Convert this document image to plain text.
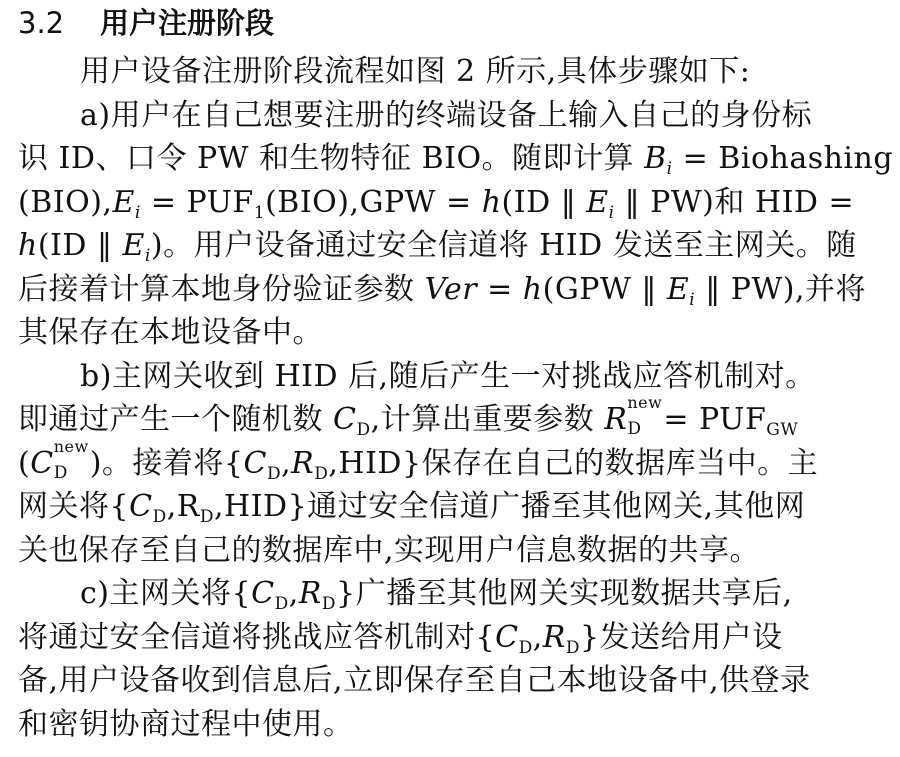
3.2 用户注册阶段
用户设备注册阶段流程如图 2 所示,具体步骤如下:
a)用户在自己想要注册的终端设备上输入自己的身份标
识 ID、口令 PW 和生物特征 BIO。随即计算 $B_i$ = Biohashing
$(BIO),E_i = PUF_1(BIO),GPW = h(ID$ ‖ $E_i$ ‖ PW)和 HID =
h(ID ‖ $E_i$)。用户设备通过安全信道将 HID 发送至主网关。随
后接着计算本地身份验证参数 Ver = h(GPW ‖ $E_i$ ‖ PW),并将
其保存在本地设备中。
b)主网关收到 HID 后,随后产生一对挑战应答机制对。
即通过产生一个随机数 $C_D$,计算出重要参数 R new
$D = PUF_{GW}$
(C new
D )。接着将$\{C_D,R_D,HID\}$保存在自己的数据库当中。主
网关将$\{C_D,R_D,HID\}$通过安全信道广播至其他网关,其他网
关也保存至自己的数据库中,实现用户信息数据的共享。
c)主网关将$\{C_D,R_D\}$广播至其他网关实现数据共享后,
将通过安全信道将挑战应答机制对$\{C_D,R_D\}$发送给用户设
备,用户设备收到信息后,立即保存至自己本地设备中,供登录
和密钥协商过程中使用。
